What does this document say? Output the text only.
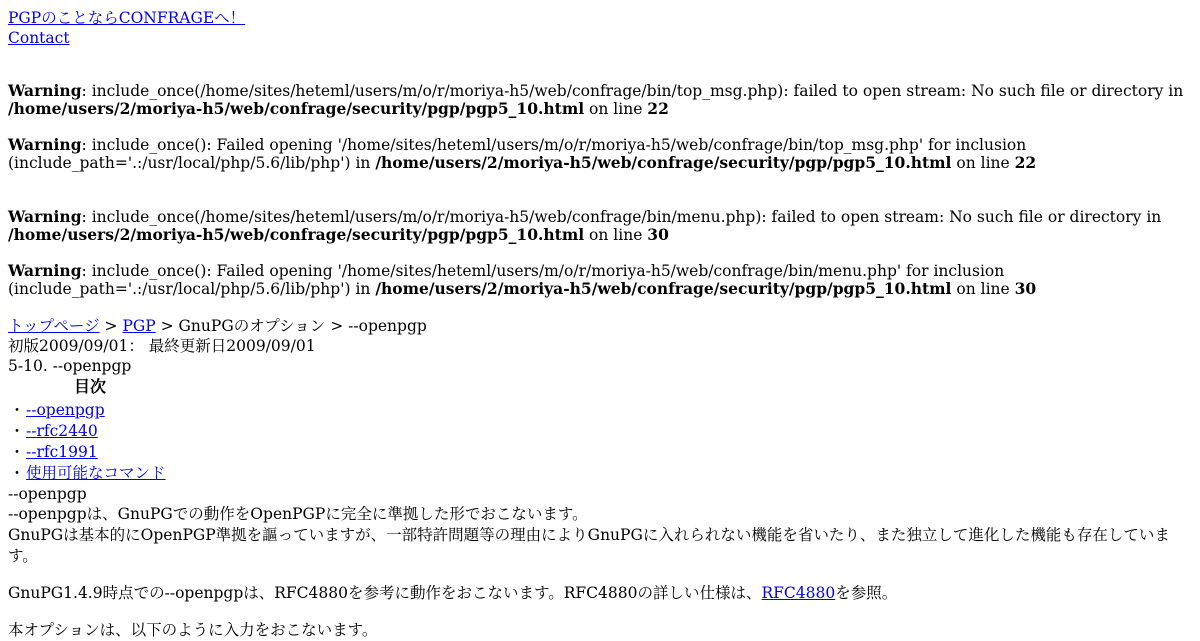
PGPのことならCONFRAGEへ！
Contact

Warning: include_once(/home/sites/heteml/users/m/o/r/moriya-h5/web/confrage/bin/top_msg.php): failed to open stream: No such file or directory in /home/users/2/moriya-h5/web/confrage/security/pgp/pgp5_10.html on line 22

Warning: include_once(): Failed opening '/home/sites/heteml/users/m/o/r/moriya-h5/web/confrage/bin/top_msg.php' for inclusion (include_path='.:/usr/local/php/5.6/lib/php') in /home/users/2/moriya-h5/web/confrage/security/pgp/pgp5_10.html on line 22

Warning: include_once(/home/sites/heteml/users/m/o/r/moriya-h5/web/confrage/bin/menu.php): failed to open stream: No such file or directory in /home/users/2/moriya-h5/web/confrage/security/pgp/pgp5_10.html on line 30

Warning: include_once(): Failed opening '/home/sites/heteml/users/m/o/r/moriya-h5/web/confrage/bin/menu.php' for inclusion (include_path='.:/usr/local/php/5.6/lib/php') in /home/users/2/moriya-h5/web/confrage/security/pgp/pgp5_10.html on line 30

トップページ > PGP > GnuPGのオプション > --openpgp
初版2009/09/01： 最終更新日2009/09/01
5-10. --openpgp
目次
・--openpgp
・--rfc2440
・--rfc1991
・使用可能なコマンド
--openpgp

--openpgpは、GnuPGでの動作をOpenPGPに完全に準拠した形でおこないます。

GnuPGは基本的にOpenPGP準拠を謳っていますが、一部特許問題等の理由によりGnuPGに入れられない機能を省いたり、また独立して進化した機能も存在しています。

GnuPG1.4.9時点での--openpgpは、RFC4880を参考に動作をおこないます。RFC4880の詳しい仕様は、RFC4880を参照。

本オプションは、以下のように入力をおこないます。
